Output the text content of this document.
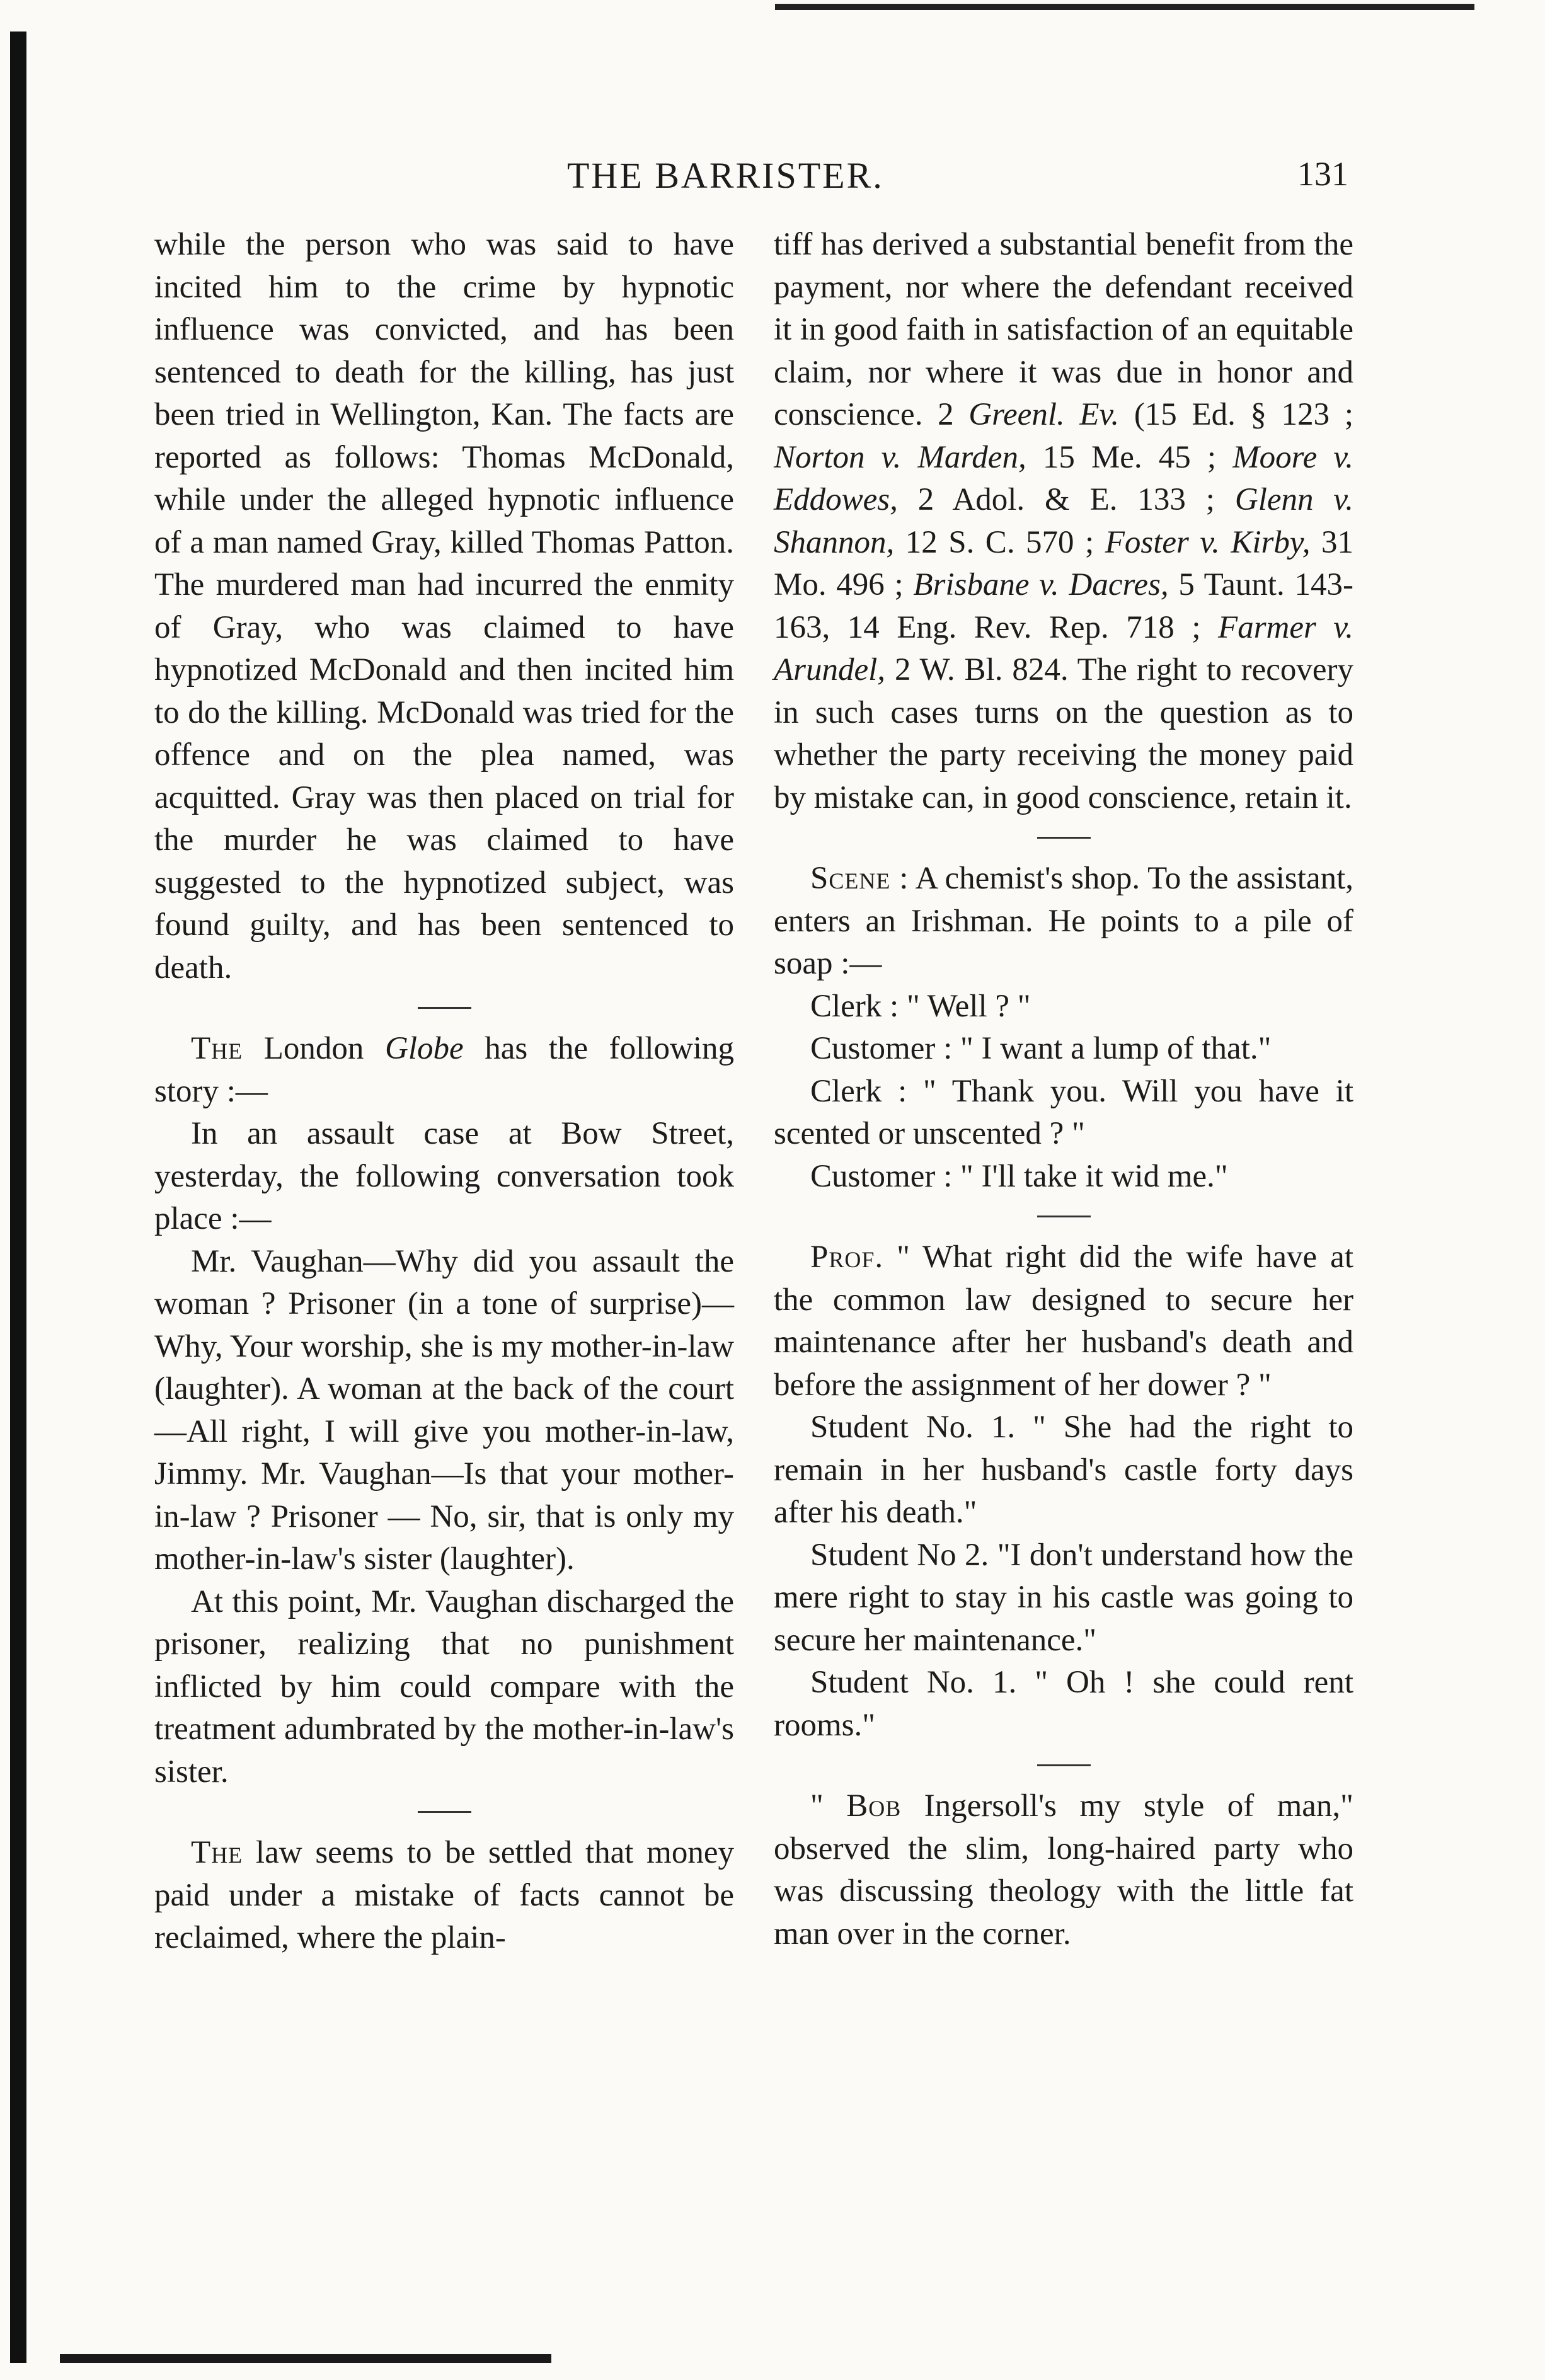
THE BARRISTER.	131

while the person who was said to have incited him to the crime by hypnotic influence was convicted, and has been sentenced to death for the killing, has just been tried in Wellington, Kan. The facts are reported as follows: Thomas McDonald, while under the alleged hypnotic influence of a man named Gray, killed Thomas Patton. The murdered man had incurred the enmity of Gray, who was claimed to have hypnotized McDonald and then incited him to do the killing. McDonald was tried for the offence and on the plea named, was acquitted. Gray was then placed on trial for the murder he was claimed to have suggested to the hypnotized subject, was found guilty, and has been sentenced to death.

The London Globe has the following story :—

In an assault case at Bow Street, yesterday, the following conversation took place :—

Mr. Vaughan—Why did you assault the woman ? Prisoner (in a tone of surprise)—Why, Your worship, she is my mother-in-law (laughter). A woman at the back of the court—All right, I will give you mother-in-law, Jimmy. Mr. Vaughan—Is that your mother-in-law ? Prisoner — No, sir, that is only my mother-in-law's sister (laughter).

At this point, Mr. Vaughan discharged the prisoner, realizing that no punishment inflicted by him could compare with the treatment adumbrated by the mother-in-law's sister.

The law seems to be settled that money paid under a mistake of facts cannot be reclaimed, where the plain-

tiff has derived a substantial benefit from the payment, nor where the defendant received it in good faith in satisfaction of an equitable claim, nor where it was due in honor and conscience. 2 Greenl. Ev. (15 Ed. § 123 ; Norton v. Marden, 15 Me. 45 ; Moore v. Eddowes, 2 Adol. & E. 133 ; Glenn v. Shannon, 12 S. C. 570 ; Foster v. Kirby, 31 Mo. 496 ; Brisbane v. Dacres, 5 Taunt. 143-163, 14 Eng. Rev. Rep. 718 ; Farmer v. Arundel, 2 W. Bl. 824. The right to recovery in such cases turns on the question as to whether the party receiving the money paid by mistake can, in good conscience, retain it.

Scene : A chemist's shop. To the assistant, enters an Irishman. He points to a pile of soap :—

Clerk : " Well ? "

Customer : " I want a lump of that."

Clerk : " Thank you. Will you have it scented or unscented ? "

Customer : " I'll take it wid me."

Prof. " What right did the wife have at the common law designed to secure her maintenance after her husband's death and before the assignment of her dower ? "

Student No. 1. " She had the right to remain in her husband's castle forty days after his death."

Student No 2. "I don't understand how the mere right to stay in his castle was going to secure her maintenance."

Student No. 1. " Oh ! she could rent rooms."

" Bob Ingersoll's my style of man," observed the slim, long-haired party who was discussing theology with the little fat man over in the corner.
